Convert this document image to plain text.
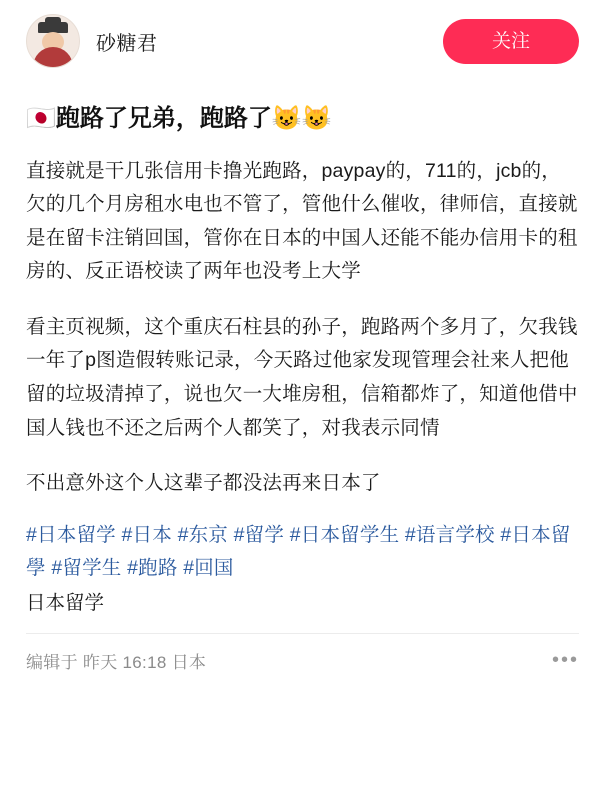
砂糖君	关注
🇯🇵跑路了兄弟，跑路了😺😺

直接就是干几张信用卡撸光跑路，paypay的，711的，jcb的，欠的几个月房租水电也不管了，管他什么催收，律师信，直接就是在留卡注销回国，管你在日本的中国人还能不能办信用卡的租房的、反正语校读了两年也没考上大学

看主页视频，这个重庆石柱县的孙子，跑路两个多月了，欠我钱一年了p图造假转账记录，今天路过他家发现管理会社来人把他留的垃圾清掉了，说也欠一大堆房租，信箱都炸了，知道他借中国人钱也不还之后两个人都笑了，对我表示同情

不出意外这个人这辈子都没法再来日本了

#日本留学 #日本 #东京 #留学 #日本留学生 #语言学校 #日本留學 #留学生 #跑路 #回国
日本留学
编辑于 昨天 16:18 日本	•••
